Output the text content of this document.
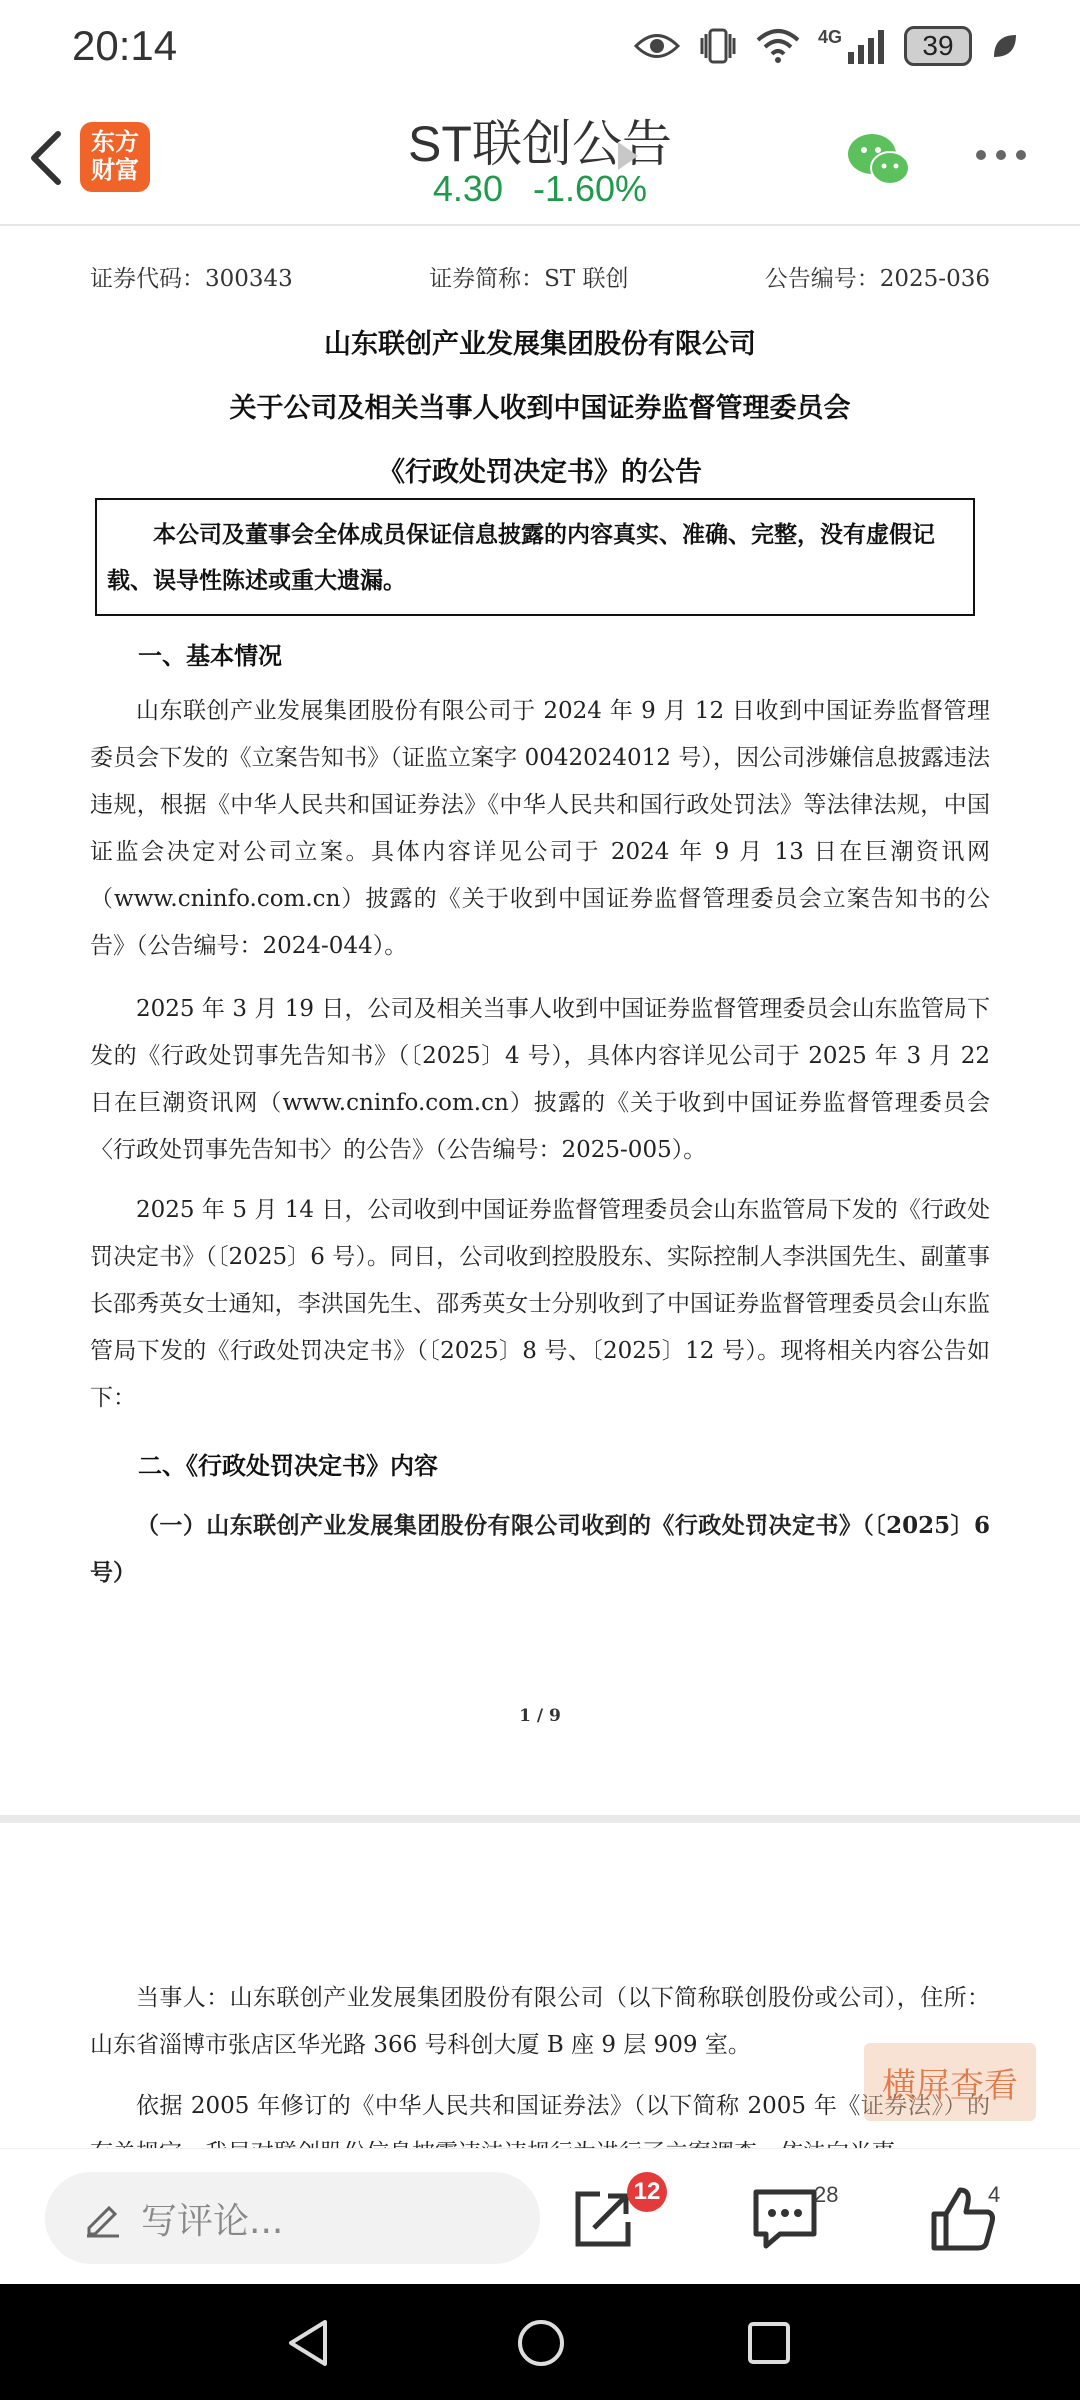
20:14	4G	39
东方
财富	ST联创公告
4.30 -1.60%
证券代码：300343	证券简称：ST 联创	公告编号：2025-036
山东联创产业发展集团股份有限公司
关于公司及相关当事人收到中国证券监督管理委员会
《行政处罚决定书》的公告
本公司及董事会全体成员保证信息披露的内容真实、准确、完整，没有虚假记载、误导性陈述或重大遗漏。
一、基本情况
山东联创产业发展集团股份有限公司于 2024 年 9 月 12 日收到中国证券监督管理委员会下发的《立案告知书》（证监立案字 0042024012 号），因公司涉嫌信息披露违法违规，根据《中华人民共和国证券法》《中华人民共和国行政处罚法》等法律法规，中国证监会决定对公司立案。具体内容详见公司于 2024 年 9 月 13 日在巨潮资讯网（www.cninfo.com.cn）披露的《关于收到中国证券监督管理委员会立案告知书的公告》（公告编号：2024-044）。
2025 年 3 月 19 日，公司及相关当事人收到中国证券监督管理委员会山东监管局下发的《行政处罚事先告知书》（〔2025〕4 号），具体内容详见公司于 2025 年 3 月 22 日在巨潮资讯网（www.cninfo.com.cn）披露的《关于收到中国证券监督管理委员会〈行政处罚事先告知书〉的公告》（公告编号：2025-005）。
2025 年 5 月 14 日，公司收到中国证券监督管理委员会山东监管局下发的《行政处罚决定书》（〔2025〕6 号）。同日，公司收到控股股东、实际控制人李洪国先生、副董事长邵秀英女士通知，李洪国先生、邵秀英女士分别收到了中国证券监督管理委员会山东监管局下发的《行政处罚决定书》（〔2025〕8 号、〔2025〕12 号）。现将相关内容公告如下：
二、《行政处罚决定书》内容
（一）山东联创产业发展集团股份有限公司收到的《行政处罚决定书》（〔2025〕6 号）
1 / 9
当事人：山东联创产业发展集团股份有限公司（以下简称联创股份或公司），住所：山东省淄博市张店区华光路 366 号科创大厦 B 座 9 层 909 室。
依据 2005 年修订的《中华人民共和国证券法》（以下简称 2005 年《证券法》）的
横屏查看
写评论...
12	28	4
